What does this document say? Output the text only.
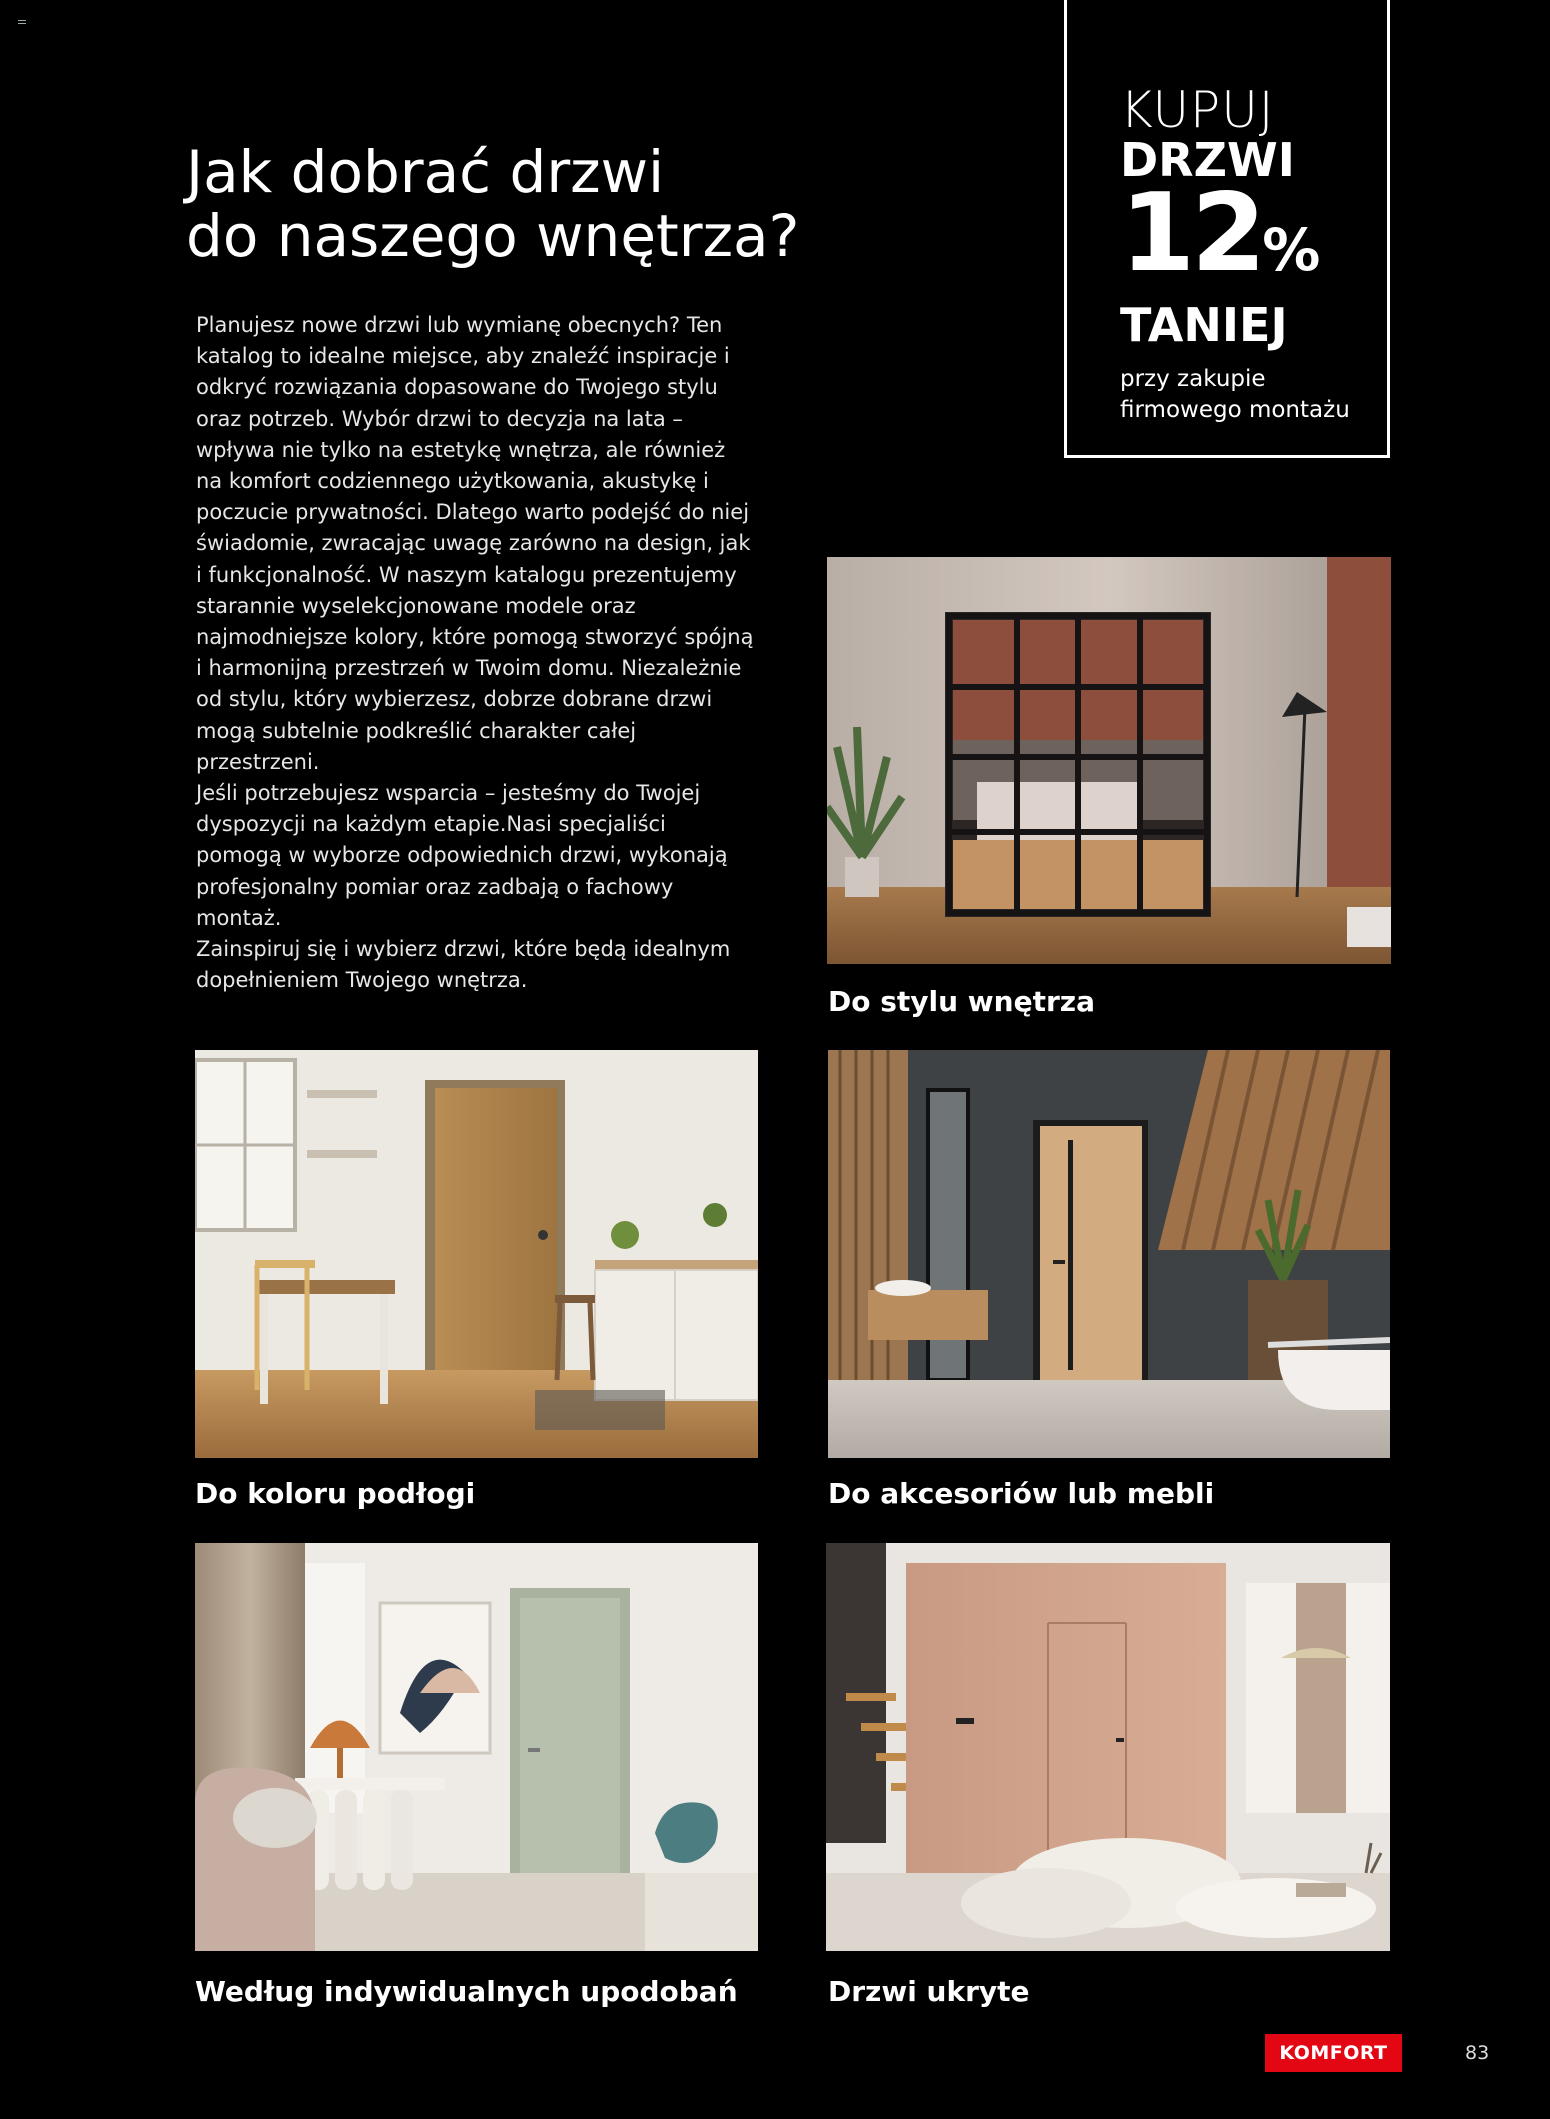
KUPUJ
DRZWI
12%
TANIEJ
przy zakupie firmowego montażu
Jak dobrać drzwi
do naszego wnętrza?

Planujesz nowe drzwi lub wymianę obecnych? Ten katalog to idealne miejsce, aby znaleźć inspiracje i odkryć rozwiązania dopasowane do Twojego stylu oraz potrzeb. Wybór drzwi to decyzja na lata – wpływa nie tylko na estetykę wnętrza, ale również na komfort codziennego użytkowania, akustykę i poczucie prywatności. Dlatego warto podejść do niej świadomie, zwracając uwagę zarówno na design, jak i funkcjonalność. W naszym katalogu prezentujemy starannie wyselekcjonowane modele oraz najmodniejsze kolory, które pomogą stworzyć spójną i harmonijną przestrzeń w Twoim domu. Niezależnie od stylu, który wybierzesz, dobrze dobrane drzwi mogą subtelnie podkreślić charakter całej przestrzeni.

Jeśli potrzebujesz wsparcia – jesteśmy do Twojej dyspozycji na każdym etapie.Nasi specjaliści pomogą w wyborze odpowiednich drzwi, wykonają profesjonalny pomiar oraz zadbają o fachowy montaż.

Zainspiruj się i wybierz drzwi, które będą idealnym dopełnieniem Twojego wnętrza.

Do stylu wnętrza
Do koloru podłogi	Do akcesoriów lub mebli
Według indywidualnych upodobań	Drzwi ukryte
KOMFORT	83
